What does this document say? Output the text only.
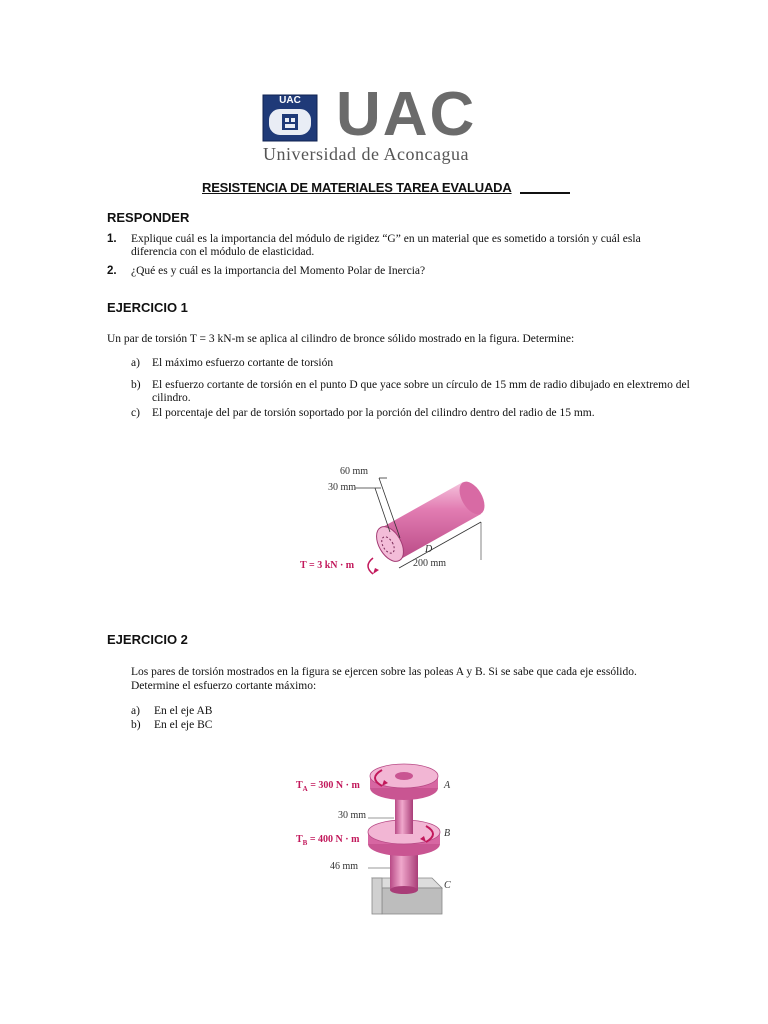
UAC UAC
Universidad de Aconcagua
RESISTENCIA DE MATERIALES TAREA EVALUADA
RESPONDER
1. Explique cuál es la importancia del módulo de rigidez “G” en un material que es sometido a torsión y cuál esla
diferencia con el módulo de elasticidad.
2. ¿Qué es y cuál es la importancia del Momento Polar de Inercia?
EJERCICIO 1
Un par de torsión T = 3 kN-m se aplica al cilindro de bronce sólido mostrado en la figura. Determine:
a) El máximo esfuerzo cortante de torsión
b) El esfuerzo cortante de torsión en el punto D que yace sobre un círculo de 15 mm de radio dibujado en elextremo del
cilindro.
c) El porcentaje del par de torsión soportado por la porción del cilindro dentro del radio de 15 mm.
60 mm
30 mm
D
200 mm
T = 3 kN · m
EJERCICIO 2
Los pares de torsión mostrados en la figura se ejercen sobre las poleas A y B. Si se sabe que cada eje essólido.
Determine el esfuerzo cortante máximo:
a) En el eje AB
b) En el eje BC
$T_A = 300$ N · m
$T_B = 400$ N · m
30 mm
46 mm
A
B
C
